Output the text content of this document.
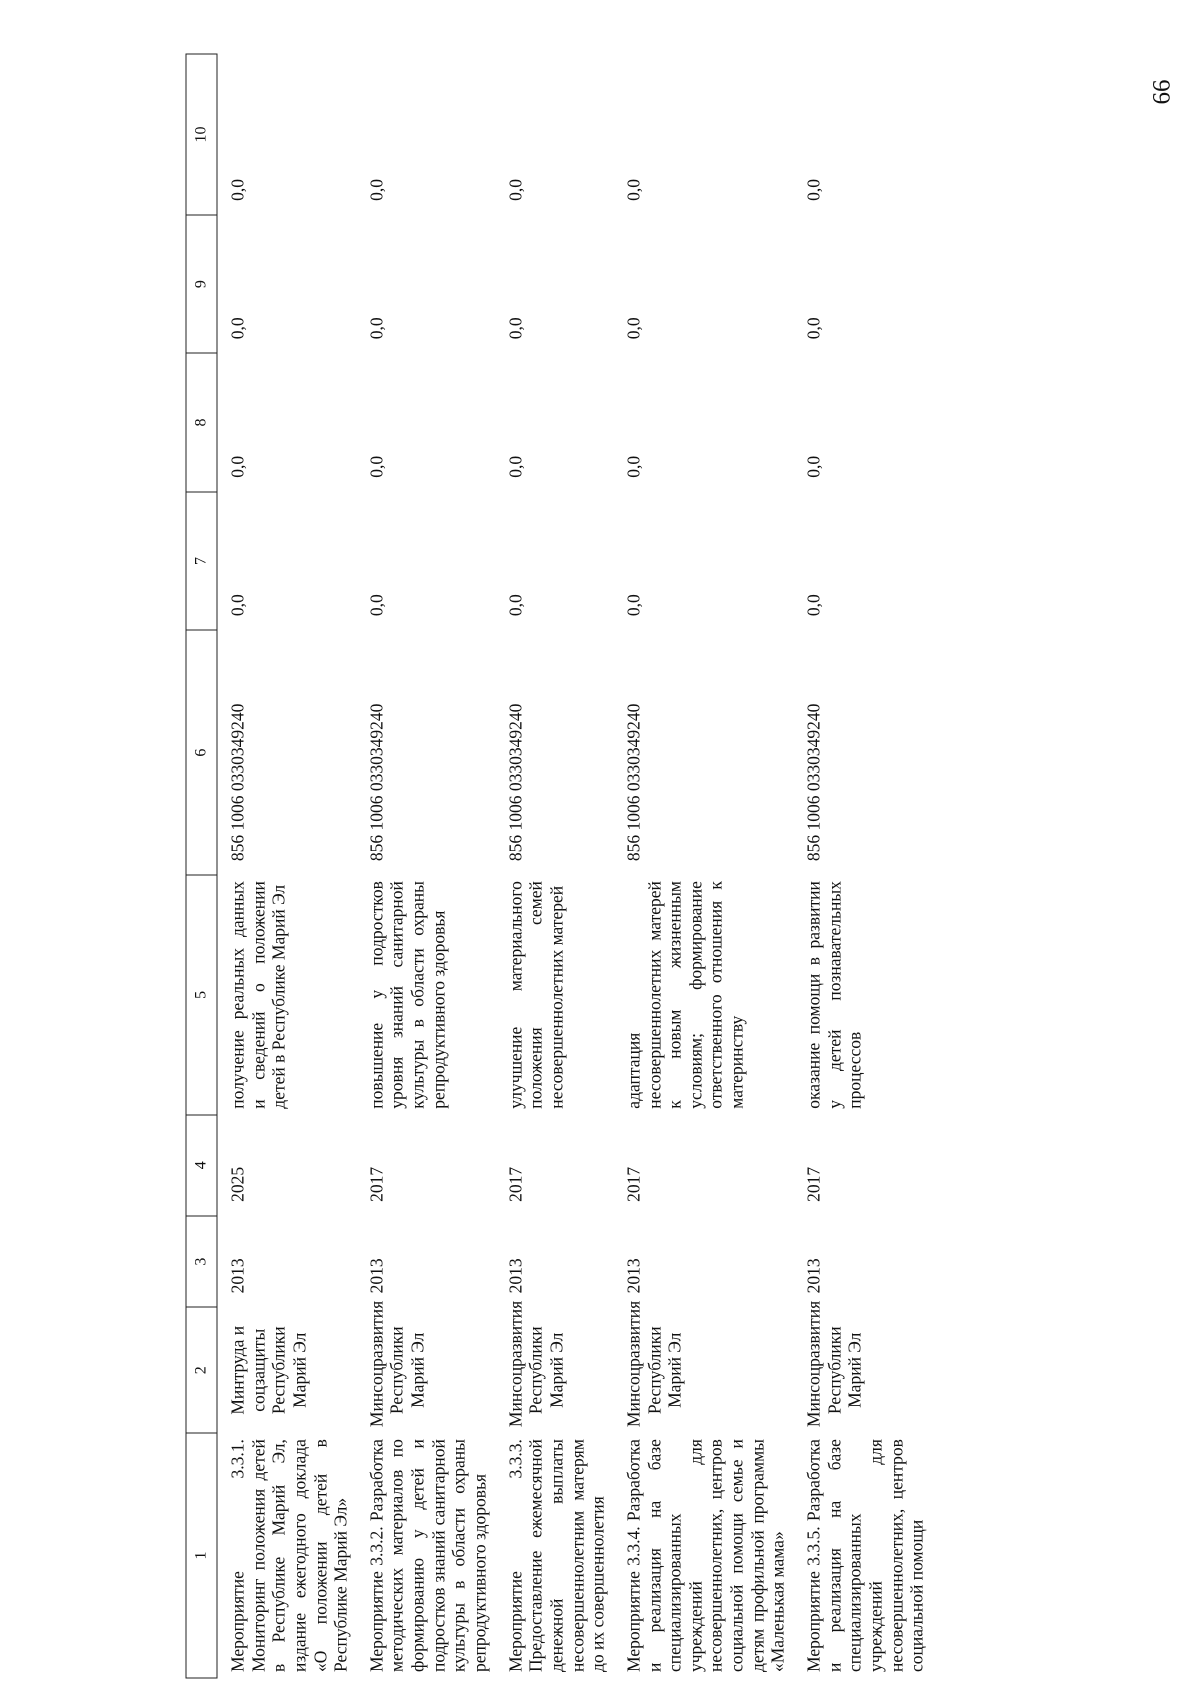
66
1	2	3	4	5	6	7	8	9	10
Мероприятие 3.3.1. Мониторинг положения детей в Республике Марий Эл, издание ежегодного доклада «О положении детей в Республике Марий Эл»	Минтруда и соцзащиты Республики Марий Эл	2013	2025	получение реальных данных и сведений о положении детей в Республике Марий Эл	856 1006 0330349240	0,0	0,0	0,0	0,0
Мероприятие 3.3.2. Разработка методических материалов по формированию у детей и подростков знаний санитарной культуры в области охраны репродуктивного здоровья	Минсоцразвития Республики Марий Эл	2013	2017	повышение у подростков уровня знаний санитарной культуры в области охраны репродуктивного здоровья	856 1006 0330349240	0,0	0,0	0,0	0,0
Мероприятие 3.3.3. Предоставление ежемесячной денежной выплаты несовершеннолетним матерям до их совершеннолетия	Минсоцразвития Республики Марий Эл	2013	2017	улучшение материального положения семей несовершеннолетних матерей	856 1006 0330349240	0,0	0,0	0,0	0,0
Мероприятие 3.3.4. Разработка и реализация на базе специализированных учреждений для несовершеннолетних, центров социальной помощи семье и детям профильной программы «Маленькая мама»	Минсоцразвития Республики Марий Эл	2013	2017	адаптация несовершеннолетних матерей к новым жизненным условиям; формирование ответственного отношения к материнству	856 1006 0330349240	0,0	0,0	0,0	0,0
Мероприятие 3.3.5. Разработка и реализация на базе специализированных учреждений для несовершеннолетних, центров социальной помощи	Минсоцразвития Республики Марий Эл	2013	2017	оказание помощи в развитии у детей познавательных процессов	856 1006 0330349240	0,0	0,0	0,0	0,0
